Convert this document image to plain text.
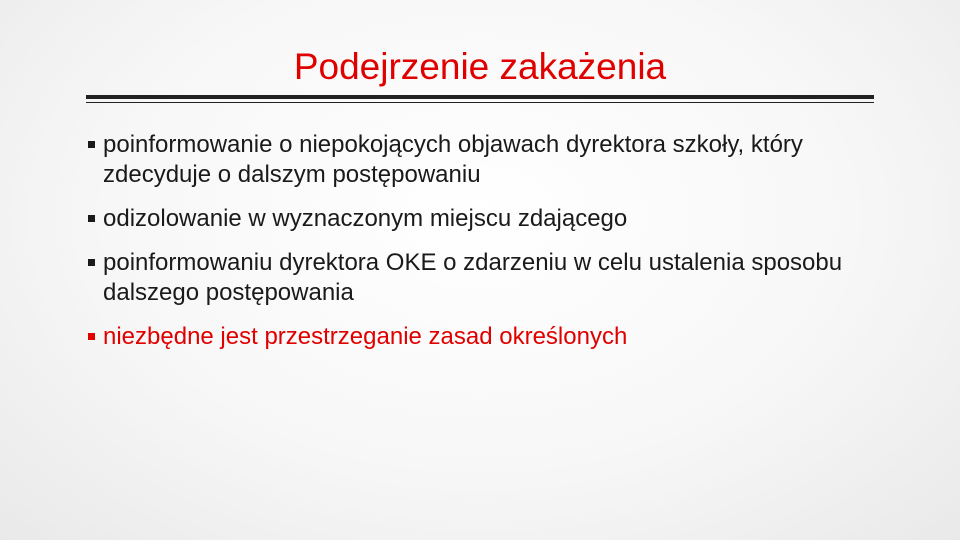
Podejrzenie zakażenia
poinformowanie o niepokojących objawach dyrektora szkoły, który zdecyduje o dalszym postępowaniu
odizolowanie w wyznaczonym miejscu zdającego
poinformowaniu dyrektora OKE o zdarzeniu w celu ustalenia sposobu dalszego postępowania
niezbędne jest przestrzeganie zasad określonych
